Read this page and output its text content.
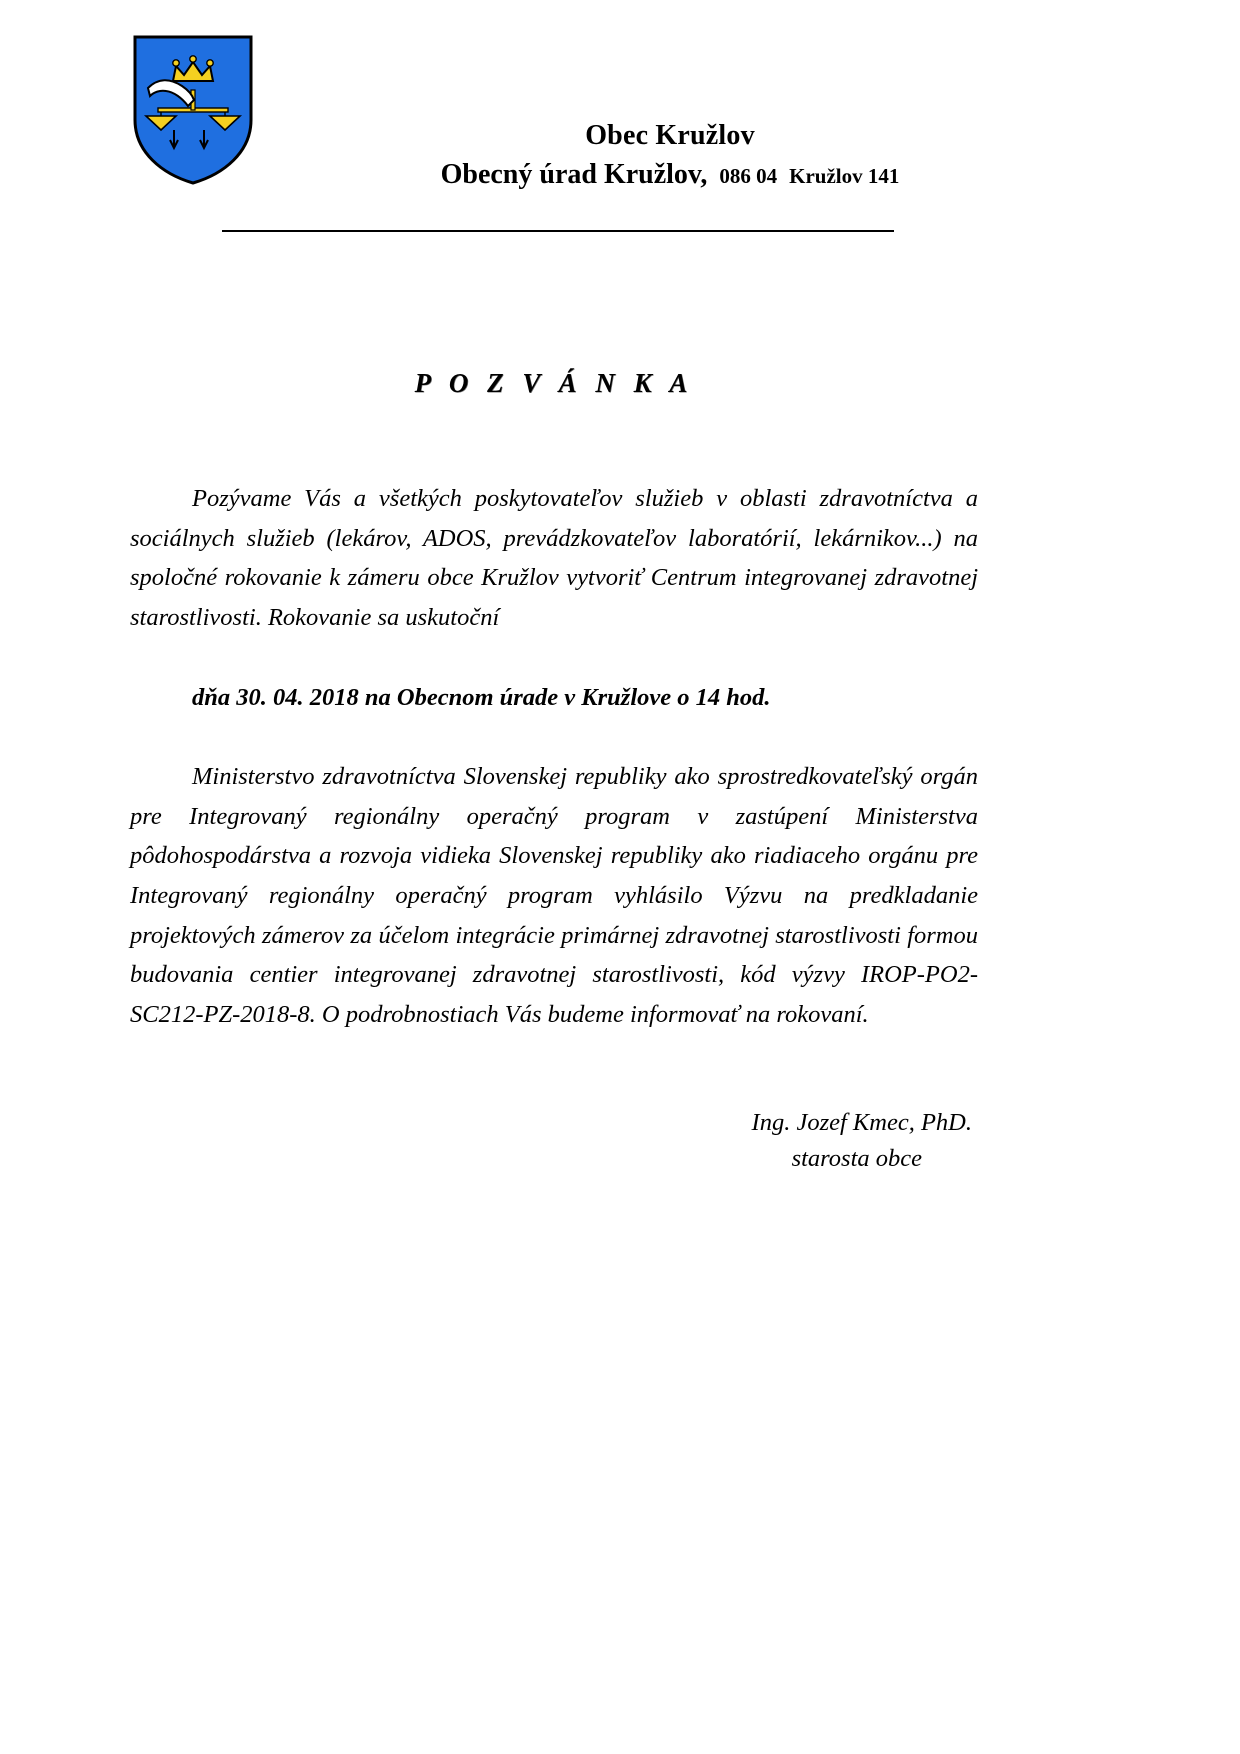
Obec Kružlov
Obecný úrad Kružlov, 086 04 Kružlov 141
P O Z V Á N K A

Pozývame Vás a všetkých poskytovateľov služieb v oblasti zdravotníctva a sociálnych služieb (lekárov, ADOS, prevádzkovateľov laboratórií, lekárnikov...) na spoločné rokovanie k zámeru obce Kružlov vytvoriť Centrum integrovanej zdravotnej starostlivosti. Rokovanie sa uskutoční

dňa 30. 04. 2018 na Obecnom úrade v Kružlove o 14 hod.

Ministerstvo zdravotníctva Slovenskej republiky ako sprostredkovateľský orgán pre Integrovaný regionálny operačný program v zastúpení Ministerstva pôdohospodárstva a rozvoja vidieka Slovenskej republiky ako riadiaceho orgánu pre Integrovaný regionálny operačný program vyhlásilo Výzvu na predkladanie projektových zámerov za účelom integrácie primárnej zdravotnej starostlivosti formou budovania centier integrovanej zdravotnej starostlivosti, kód výzvy IROP-PO2-SC212-PZ-2018-8. O podrobnostiach Vás budeme informovať na rokovaní.

Ing. Jozef Kmec, PhD.
starosta obce
